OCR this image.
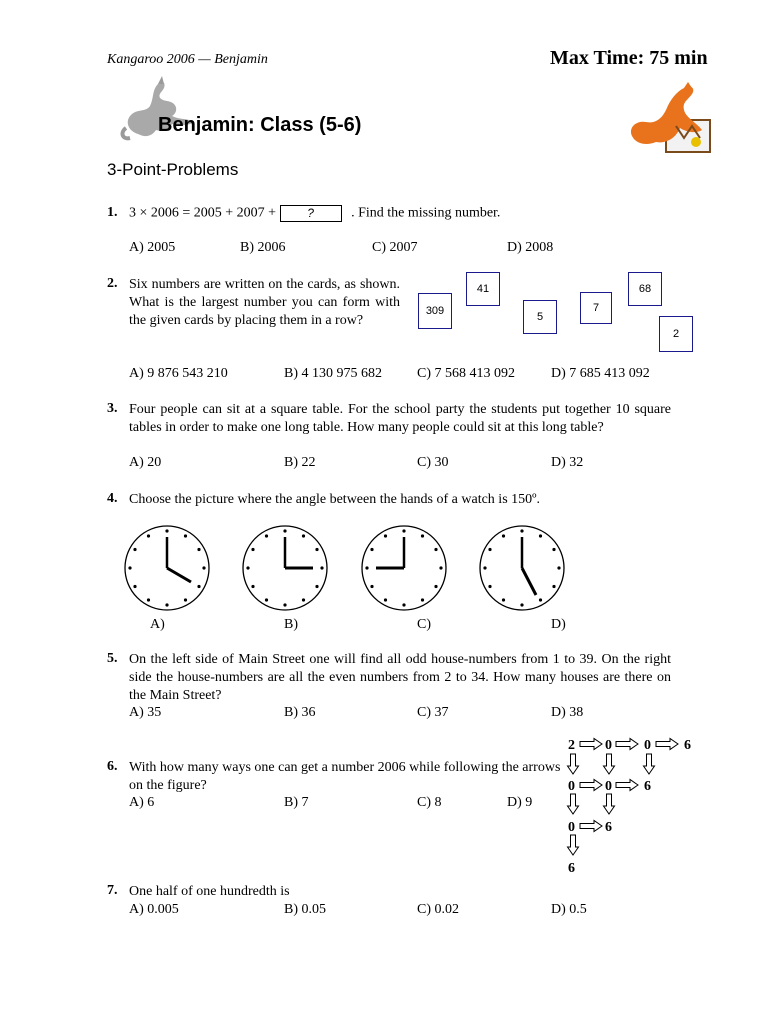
Kangaroo 2006 — Benjamin	Max Time: 75 min
Benjamin: Class (5-6)
3-Point-Problems
1. 3 × 2006 = 2005 + 2007 +	?	. Find the missing number.
A) 2005	B) 2006	C) 2007	D) 2008
2. Six numbers are written on the cards, as shown. What is the largest number you can form with the given cards by placing them in a row?
309
41
5
7
68
2
A) 9 876 543 210	B) 4 130 975 682	C) 7 568 413 092	D) 7 685 413 092
3. Four people can sit at a square table. For the school party the students put together 10 square tables in order to make one long table. How many people could sit at this long table?
A) 20	B) 22	C) 30	D) 32
4. Choose the picture where the angle between the hands of a watch is 150º.
A)	B)	C)	D)
5. On the left side of Main Street one will find all odd house-numbers from 1 to 39. On the right side the house-numbers are all the even numbers from 2 to 34. How many houses are there on the Main Street?
A) 35	B) 36	C) 37	D) 38
6. With how many ways one can get a number 2006 while following the arrows on the figure?
A) 6	B) 7	C) 8	D) 9
2 0 0 6
0 0 6
0 6
6
7. One half of one hundredth is
A) 0.005	B) 0.05	C) 0.02	D) 0.5
